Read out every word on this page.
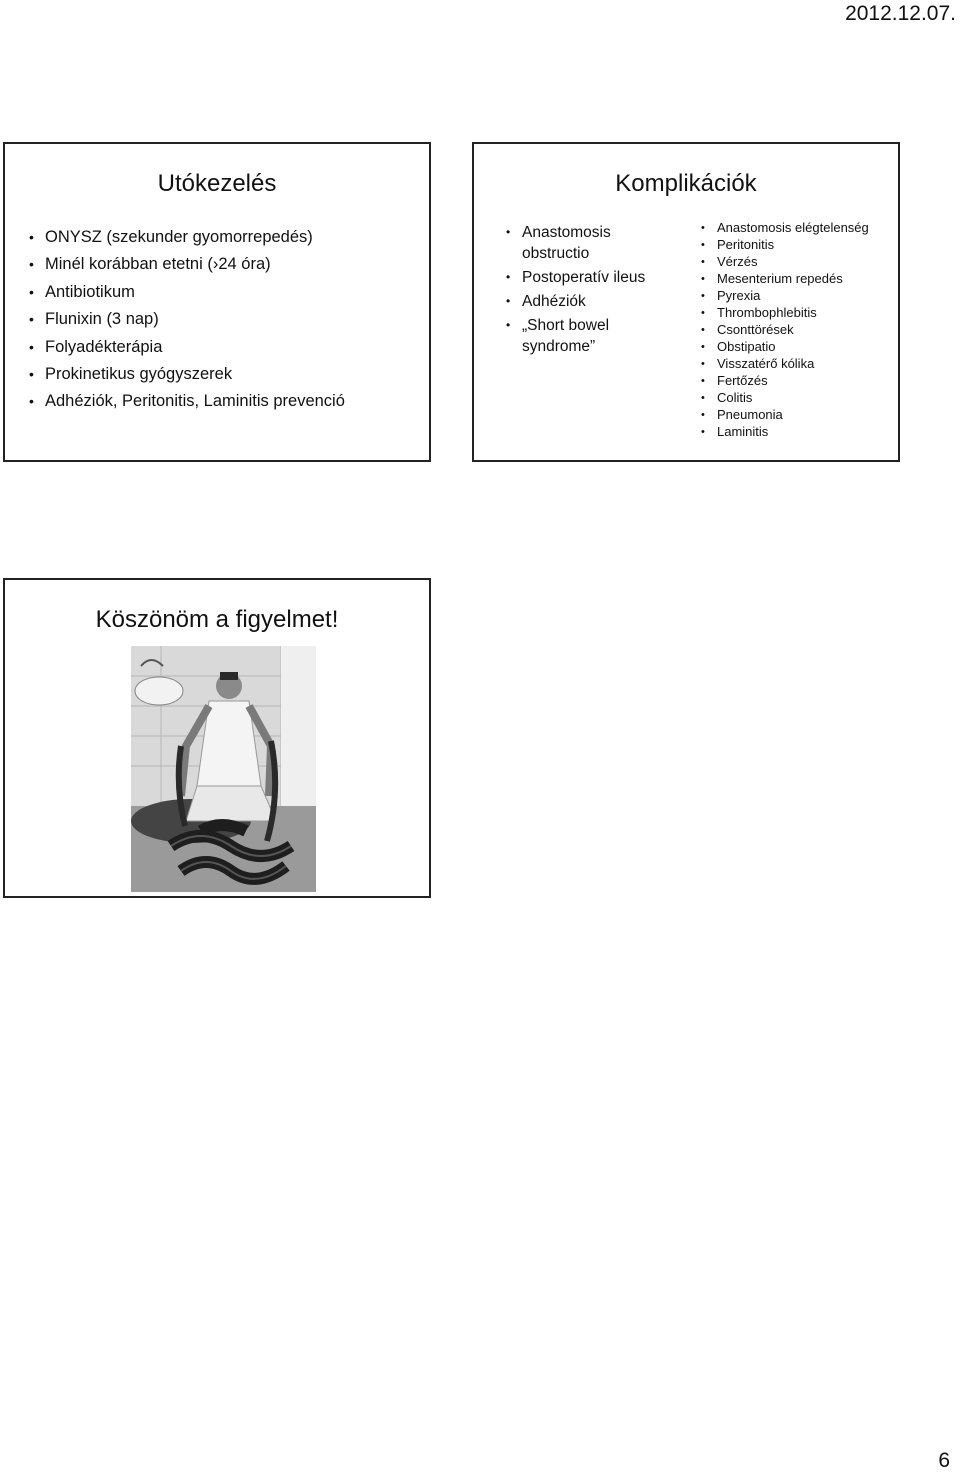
2012.12.07.
Utókezelés
• ONYSZ (szekunder gyomorrepedés)
• Minél korábban etetni (›24 óra)
• Antibiotikum
• Flunixin (3 nap)
• Folyadékterápia
• Prokinetikus gyógyszerek
• Adhéziók, Peritonitis, Laminitis prevenció
Komplikációk
• Anastomosis obstructio
• Postoperatív ileus
• Adhéziók
• „Short bowel syndrome”
• Anastomosis elégtelenség
• Peritonitis
• Vérzés
• Mesenterium repedés
• Pyrexia
• Thrombophlebitis
• Csonttörések
• Obstipatio
• Visszatérő kólika
• Fertőzés
• Colitis
• Pneumonia
• Laminitis
Köszönöm a figyelmet!
6
